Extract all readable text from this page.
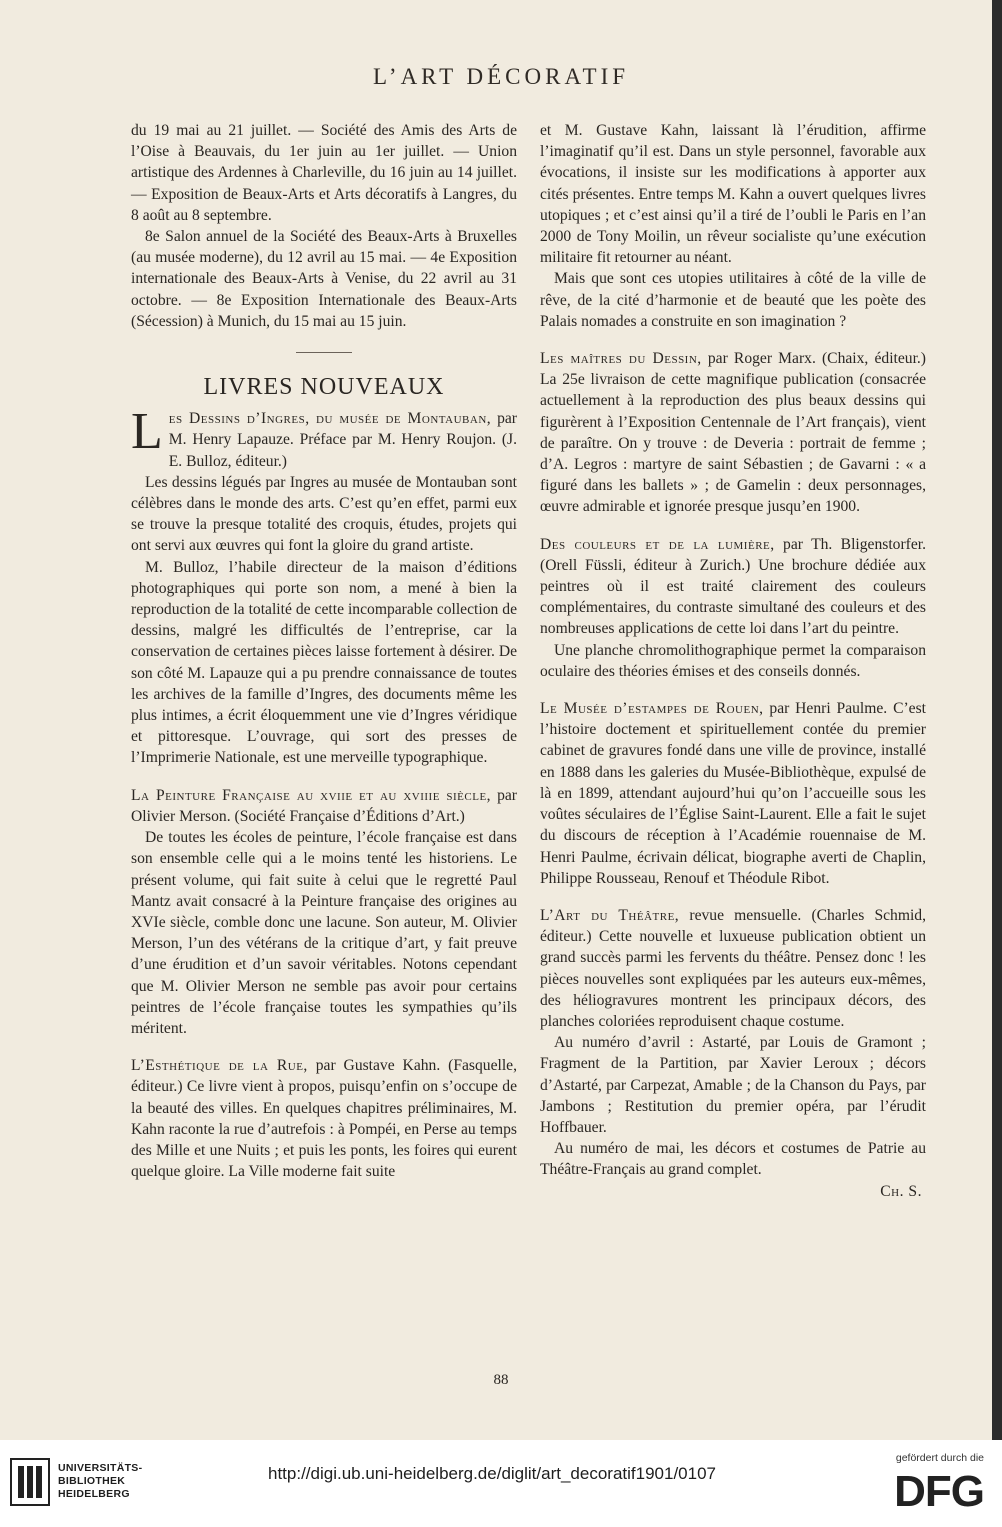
L’ART DÉCORATIF

du 19 mai au 21 juillet. — Société des Amis des Arts de l’Oise à Beauvais, du 1er juin au 1er juillet. — Union artistique des Ardennes à Charleville, du 16 juin au 14 juillet. — Exposition de Beaux-Arts et Arts décoratifs à Langres, du 8 août au 8 septembre.

8e Salon annuel de la Société des Beaux-Arts à Bruxelles (au musée moderne), du 12 avril au 15 mai. — 4e Exposition internationale des Beaux-Arts à Venise, du 22 avril au 31 octobre. — 8e Exposition Internationale des Beaux-Arts (Sécession) à Munich, du 15 mai au 15 juin.

LIVRES NOUVEAUX

Les Dessins d’Ingres, du musée de Montauban, par M. Henry Lapauze. Préface par M. Henry Roujon. (J. E. Bulloz, éditeur.)

Les dessins légués par Ingres au musée de Montauban sont célèbres dans le monde des arts. C’est qu’en effet, parmi eux se trouve la presque totalité des croquis, études, projets qui ont servi aux œuvres qui font la gloire du grand artiste.

M. Bulloz, l’habile directeur de la maison d’éditions photographiques qui porte son nom, a mené à bien la reproduction de la totalité de cette incomparable collection de dessins, malgré les difficultés de l’entreprise, car la conservation de certaines pièces laisse fortement à désirer. De son côté M. Lapauze qui a pu prendre connaissance de toutes les archives de la famille d’Ingres, des documents même les plus intimes, a écrit éloquemment une vie d’Ingres véridique et pittoresque. L’ouvrage, qui sort des presses de l’Imprimerie Nationale, est une merveille typographique.

La Peinture Française au xviie et au xviiie siècle, par Olivier Merson. (Société Française d’Éditions d’Art.)

De toutes les écoles de peinture, l’école française est dans son ensemble celle qui a le moins tenté les historiens. Le présent volume, qui fait suite à celui que le regretté Paul Mantz avait consacré à la Peinture française des origines au XVIe siècle, comble donc une lacune. Son auteur, M. Olivier Merson, l’un des vétérans de la critique d’art, y fait preuve d’une érudition et d’un savoir véritables. Notons cependant que M. Olivier Merson ne semble pas avoir pour certains peintres de l’école française toutes les sympathies qu’ils méritent.

L’Esthétique de la Rue, par Gustave Kahn. (Fasquelle, éditeur.) Ce livre vient à propos, puisqu’enfin on s’occupe de la beauté des villes. En quelques chapitres préliminaires, M. Kahn raconte la rue d’autrefois : à Pompéi, en Perse au temps des Mille et une Nuits ; et puis les ponts, les foires qui eurent quelque gloire. La Ville moderne fait suite

et M. Gustave Kahn, laissant là l’érudition, affirme l’imaginatif qu’il est. Dans un style personnel, favorable aux évocations, il insiste sur les modifications à apporter aux cités présentes. Entre temps M. Kahn a ouvert quelques livres utopiques ; et c’est ainsi qu’il a tiré de l’oubli le Paris en l’an 2000 de Tony Moilin, un rêveur socialiste qu’une exécution militaire fit retourner au néant.

Mais que sont ces utopies utilitaires à côté de la ville de rêve, de la cité d’harmonie et de beauté que les poète des Palais nomades a construite en son imagination ?

Les maîtres du Dessin, par Roger Marx. (Chaix, éditeur.) La 25e livraison de cette magnifique publication (consacrée actuellement à la reproduction des plus beaux dessins qui figurèrent à l’Exposition Centennale de l’Art français), vient de paraître. On y trouve : de Deveria : portrait de femme ; d’A. Legros : martyre de saint Sébastien ; de Gavarni : « a figuré dans les ballets » ; de Gamelin : deux personnages, œuvre admirable et ignorée presque jusqu’en 1900.

Des couleurs et de la lumière, par Th. Bligenstorfer. (Orell Füssli, éditeur à Zurich.) Une brochure dédiée aux peintres où il est traité clairement des couleurs complémentaires, du contraste simultané des couleurs et des nombreuses applications de cette loi dans l’art du peintre.

Une planche chromolithographique permet la comparaison oculaire des théories émises et des conseils donnés.

Le Musée d’estampes de Rouen, par Henri Paulme. C’est l’histoire doctement et spirituellement contée du premier cabinet de gravures fondé dans une ville de province, installé en 1888 dans les galeries du Musée-Bibliothèque, expulsé de là en 1899, attendant aujourd’hui qu’on l’accueille sous les voûtes séculaires de l’Église Saint-Laurent. Elle a fait le sujet du discours de réception à l’Académie rouennaise de M. Henri Paulme, écrivain délicat, biographe averti de Chaplin, Philippe Rousseau, Renouf et Théodule Ribot.

L’Art du Théâtre, revue mensuelle. (Charles Schmid, éditeur.) Cette nouvelle et luxueuse publication obtient un grand succès parmi les fervents du théâtre. Pensez donc ! les pièces nouvelles sont expliquées par les auteurs eux-mêmes, des héliogravures montrent les principaux décors, des planches coloriées reproduisent chaque costume.

Au numéro d’avril : Astarté, par Louis de Gramont ; Fragment de la Partition, par Xavier Leroux ; décors d’Astarté, par Carpezat, Amable ; de la Chanson du Pays, par Jambons ; Restitution du premier opéra, par l’érudit Hoffbauer.

Au numéro de mai, les décors et costumes de Patrie au Théâtre-Français au grand complet.

Ch. S.

88
UNIVERSITÄTS-
BIBLIOTHEK
HEIDELBERG
http://digi.ub.uni-heidelberg.de/diglit/art_decoratif1901/0107
gefördert durch die
DFG
